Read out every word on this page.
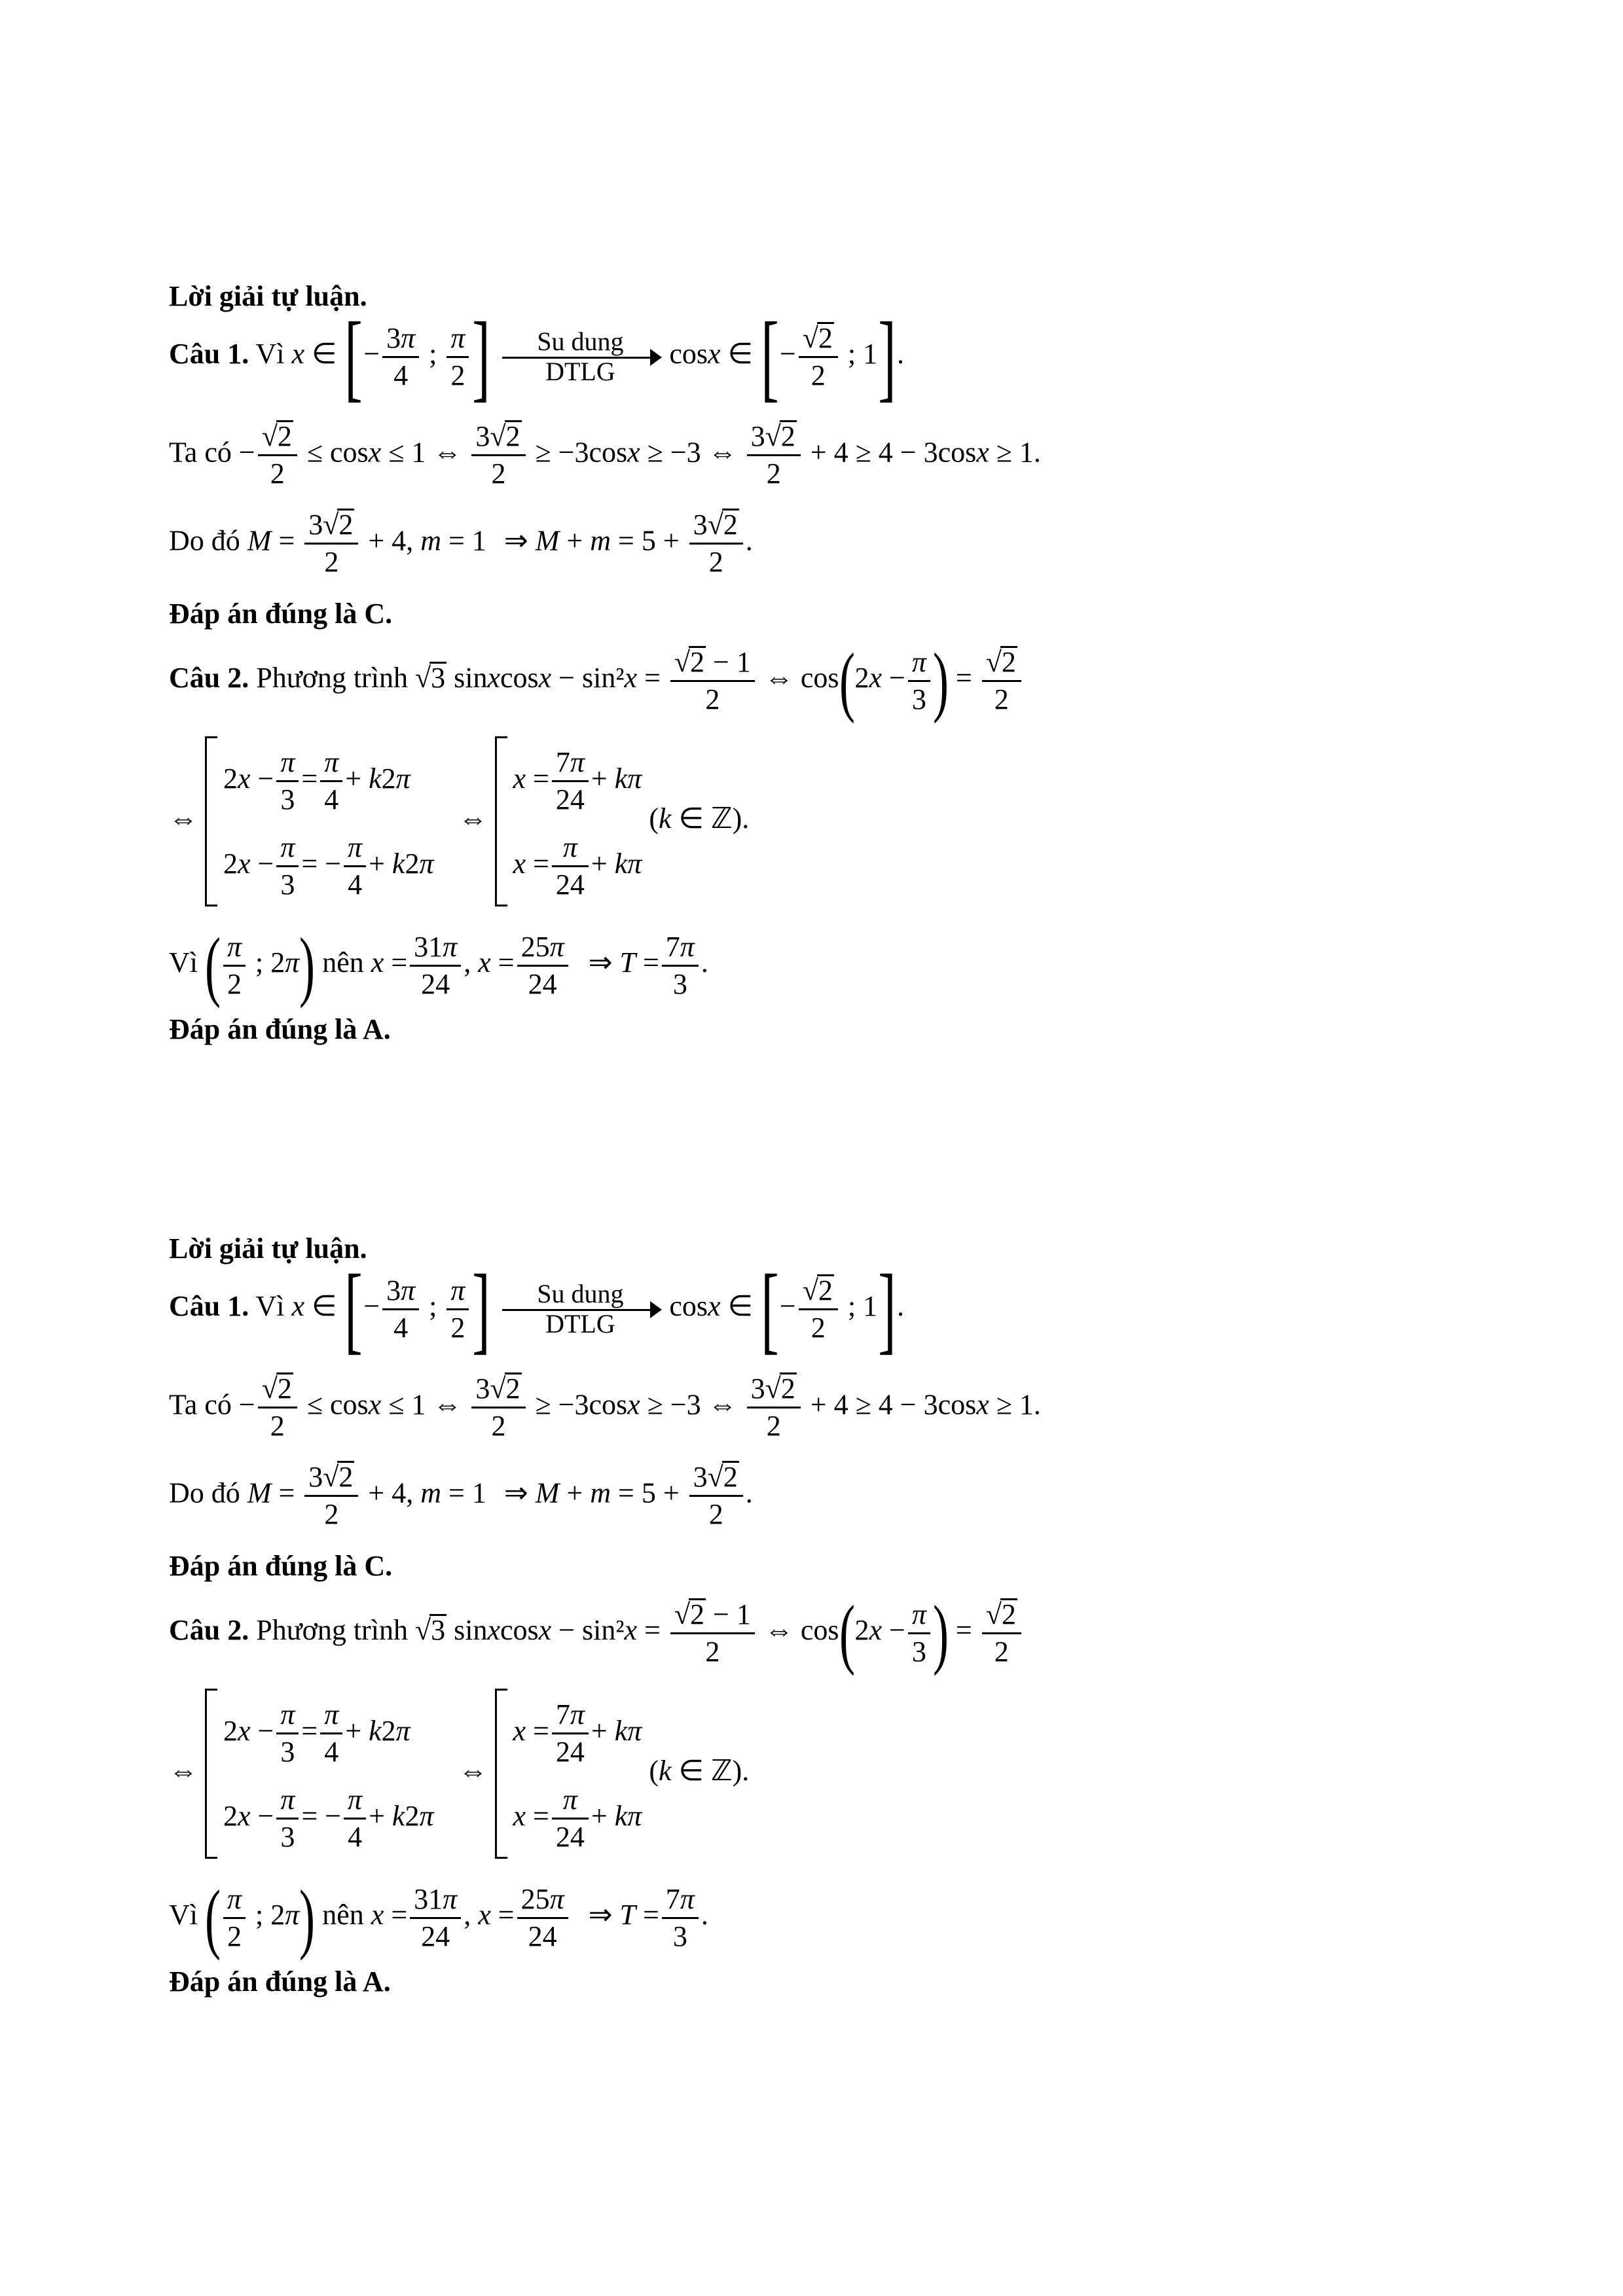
Lời giải tự luận.
Câu 1. Vì x ∈ [− $\frac{3\pi}{4}$ ; $\frac{\pi}{2}$ ]	Su dung
DTLG
cosx ∈ [− $\frac{√2}{2}$ ; 1].
Ta có − $\frac{√2}{2} \le \cos x \le 1$ ⇔ $\frac{3√2}{2} \ge -3\cos x \ge -3$ ⇔ $\frac{3√2}{2} + 4 \ge 4 - 3\cos x \ge 1$.
Do đó $M = \frac{3√2}{2} + 4$, m = 1 ⇒ $M + m = 5 + \frac{3√2}{2}$ .
Đáp án đúng là C.
Câu 2. Phương trình √3 sinxcosx − $\sin^2x = \frac{√2 - 1}{2}$ ⇔ $\cos(2x - \frac{\pi}{3}$ ) = $\frac{√2}{2}$
⇔
$2x - \frac{\pi}{3} = \frac{\pi}{4} + k2\pi$
$2x - \frac{\pi}{3}$ = − $\frac{\pi}{4} + k2\pi$
⇔
$x = \frac{7\pi}{24} + k\pi$
$x = \frac{\pi}{24} + k\pi$
(k ∈ ℤ).
Vì ( $\frac{\pi}{2}$ ; 2π) nên $x = \frac{31\pi}{24}$ , $x = \frac{25\pi}{24}$ ⇒ $T = \frac{7\pi}{3}$ .
Đáp án đúng là A.
Lời giải tự luận.
Câu 1. Vì x ∈ [− $\frac{3\pi}{4}$ ; $\frac{\pi}{2}$ ]	Su dung
DTLG
cosx ∈ [− $\frac{√2}{2}$ ; 1].
Ta có − $\frac{√2}{2} \le \cos x \le 1$ ⇔ $\frac{3√2}{2} \ge -3\cos x \ge -3$ ⇔ $\frac{3√2}{2} + 4 \ge 4 - 3\cos x \ge 1$.
Do đó $M = \frac{3√2}{2} + 4$, m = 1 ⇒ $M + m = 5 + \frac{3√2}{2}$ .
Đáp án đúng là C.
Câu 2. Phương trình √3 sinxcosx − $\sin^2x = \frac{√2 - 1}{2}$ ⇔ $\cos(2x - \frac{\pi}{3}$ ) = $\frac{√2}{2}$
⇔
$2x - \frac{\pi}{3} = \frac{\pi}{4} + k2\pi$
$2x - \frac{\pi}{3}$ = − $\frac{\pi}{4} + k2\pi$
⇔
$x = \frac{7\pi}{24} + k\pi$
$x = \frac{\pi}{24} + k\pi$
(k ∈ ℤ).
Vì ( $\frac{\pi}{2}$ ; 2π) nên $x = \frac{31\pi}{24}$ , $x = \frac{25\pi}{24}$ ⇒ $T = \frac{7\pi}{3}$ .
Đáp án đúng là A.
